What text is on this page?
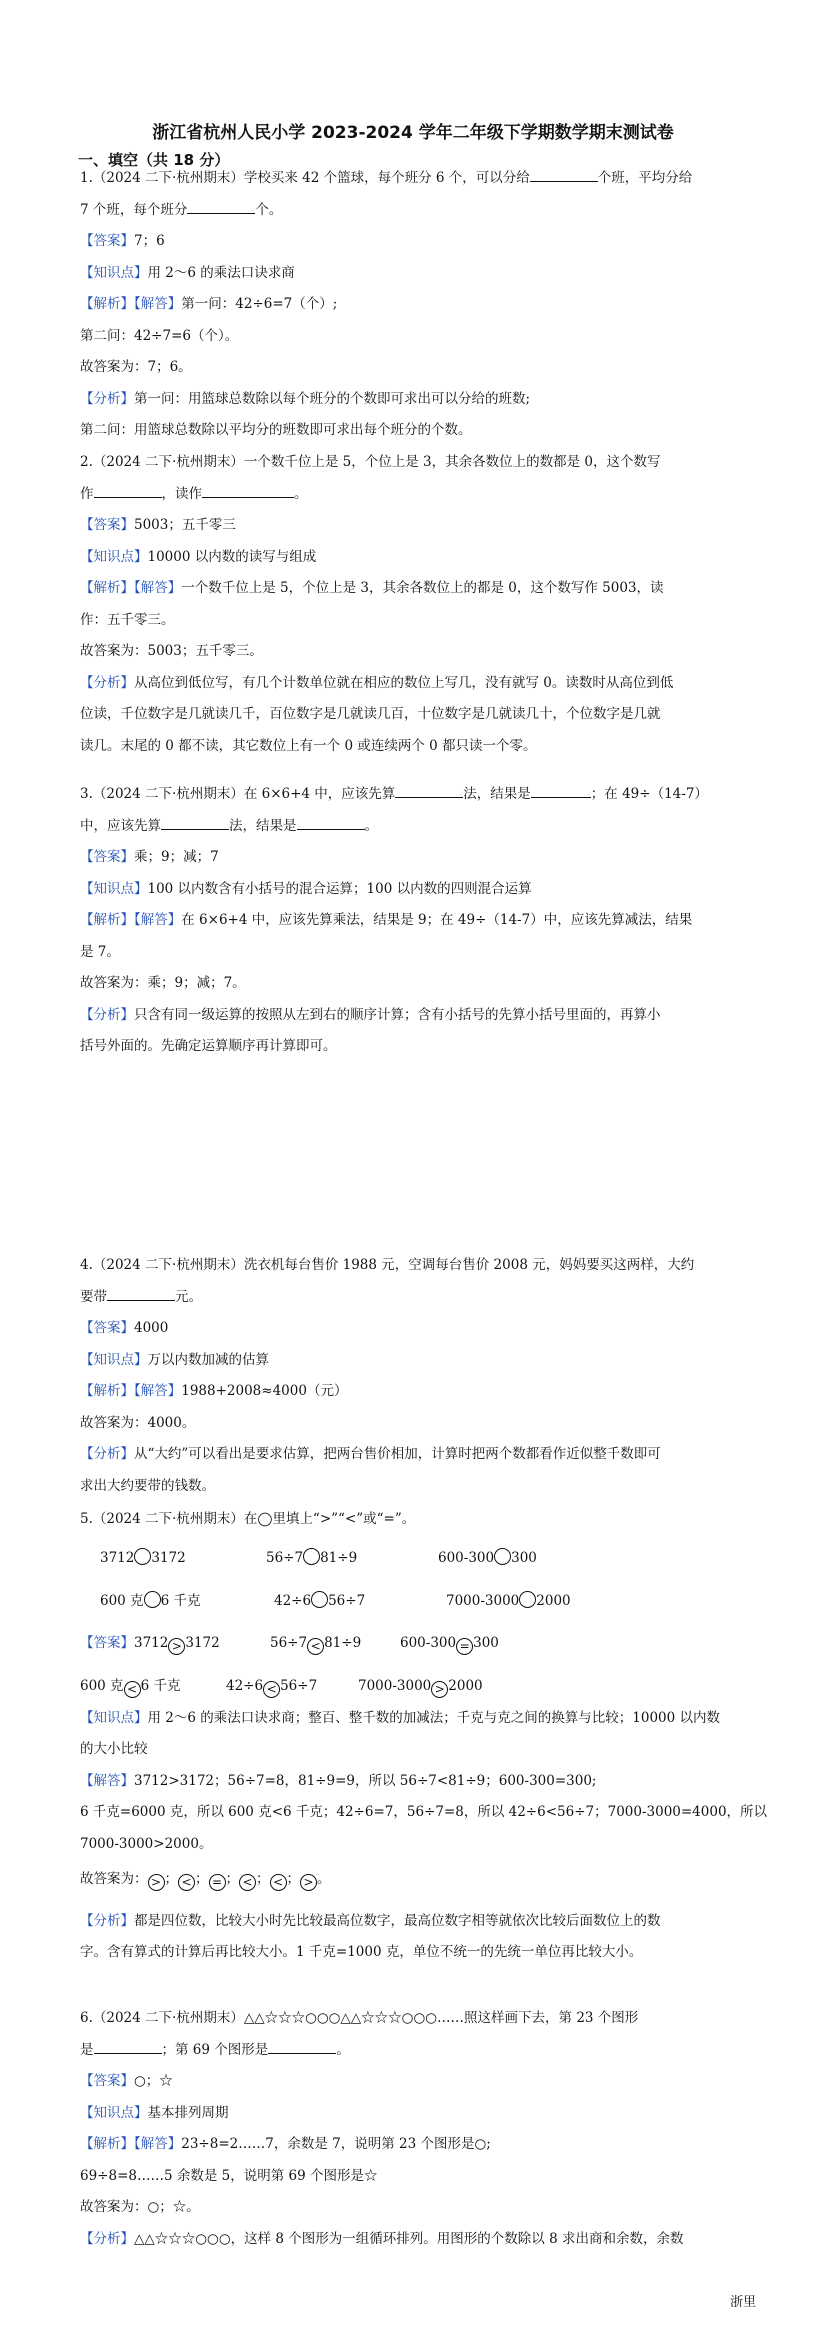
浙江省杭州人民小学 2023-2024 学年二年级下学期数学期末测试卷
一、填空（共 18 分）

1.（2024 二下·杭州期末）学校买来 42 个篮球，每个班分 6 个，可以分给	个班，平均分给

7 个班，每个班分	个。

【答案】7；6

【知识点】用 2～6 的乘法口诀求商

【解析】【解答】第一问：42÷6=7（个）;

第二问：42÷7=6（个）。

故答案为：7；6。

【分析】第一问：用篮球总数除以每个班分的个数即可求出可以分给的班数;

第二问：用篮球总数除以平均分的班数即可求出每个班分的个数。

2.（2024 二下·杭州期末）一个数千位上是 5，个位上是 3，其余各数位上的数都是 0，这个数写

作	，读作	。

【答案】5003；五千零三

【知识点】10000 以内数的读写与组成

【解析】【解答】一个数千位上是 5，个位上是 3，其余各数位上的都是 0，这个数写作 5003，读

作：五千零三。

故答案为：5003；五千零三。

【分析】从高位到低位写，有几个计数单位就在相应的数位上写几，没有就写 0。读数时从高位到低

位读，千位数字是几就读几千，百位数字是几就读几百，十位数字是几就读几十，个位数字是几就

读几。末尾的 0 都不读，其它数位上有一个 0 或连续两个 0 都只读一个零。

3.（2024 二下·杭州期末）在 6×6+4 中，应该先算	法，结果是	；在 49÷（14-7）

中，应该先算	法，结果是	。

【答案】乘；9；减；7

【知识点】100 以内数含有小括号的混合运算；100 以内数的四则混合运算

【解析】【解答】在 6×6+4 中，应该先算乘法，结果是 9；在 49÷（14-7）中，应该先算减法，结果

是 7。

故答案为：乘；9；减；7。

【分析】只含有同一级运算的按照从左到右的顺序计算；含有小括号的先算小括号里面的，再算小

括号外面的。先确定运算顺序再计算即可。

4.（2024 二下·杭州期末）洗衣机每台售价 1988 元，空调每台售价 2008 元，妈妈要买这两样，大约

要带	元。

【答案】4000

【知识点】万以内数加减的估算

【解析】【解答】1988+2008≈4000（元）

故答案为：4000。

【分析】从“大约”可以看出是要求估算，把两台售价相加，计算时把两个数都看作近似整千数即可

求出大约要带的钱数。

5.（2024 二下·杭州期末）在◯里填上“>”“<”或“=”。

3712 3172	56÷7 81÷9	600-300 300
600 克 6 千克	42÷6 56÷7	7000-3000 2000
【答案】3712 > 3172	56÷7 < 81÷9	600-300 = 300
600 克 < 6 千克	42÷6 < 56÷7	7000-3000 > 2000

【知识点】用 2～6 的乘法口诀求商；整百、整千数的加减法；千克与克之间的换算与比较；10000 以内数

的大小比较

【解答】3712>3172；56÷7=8，81÷9=9，所以 56÷7<81÷9；600-300=300;

6 千克=6000 克，所以 600 克<6 千克；42÷6=7，56÷7=8，所以 42÷6<56÷7；7000-3000=4000，所以

7000-3000>2000。

故答案为： > ； < ； = ； < ； < ； > 。

【分析】都是四位数，比较大小时先比较最高位数字，最高位数字相等就依次比较后面数位上的数

字。含有算式的计算后再比较大小。1 千克=1000 克，单位不统一的先统一单位再比较大小。

6.（2024 二下·杭州期末）△△☆☆☆○○○△△☆☆☆○○○……照这样画下去，第 23 个图形

是	；第 69 个图形是	。

【答案】○；☆

【知识点】基本排列周期

【解析】【解答】23÷8=2……7，余数是 7，说明第 23 个图形是○;

69÷8=8……5 余数是 5，说明第 69 个图形是☆

故答案为：○；☆。

【分析】△△☆☆☆○○○，这样 8 个图形为一组循环排列。用图形的个数除以 8 求出商和余数，余数

浙里
